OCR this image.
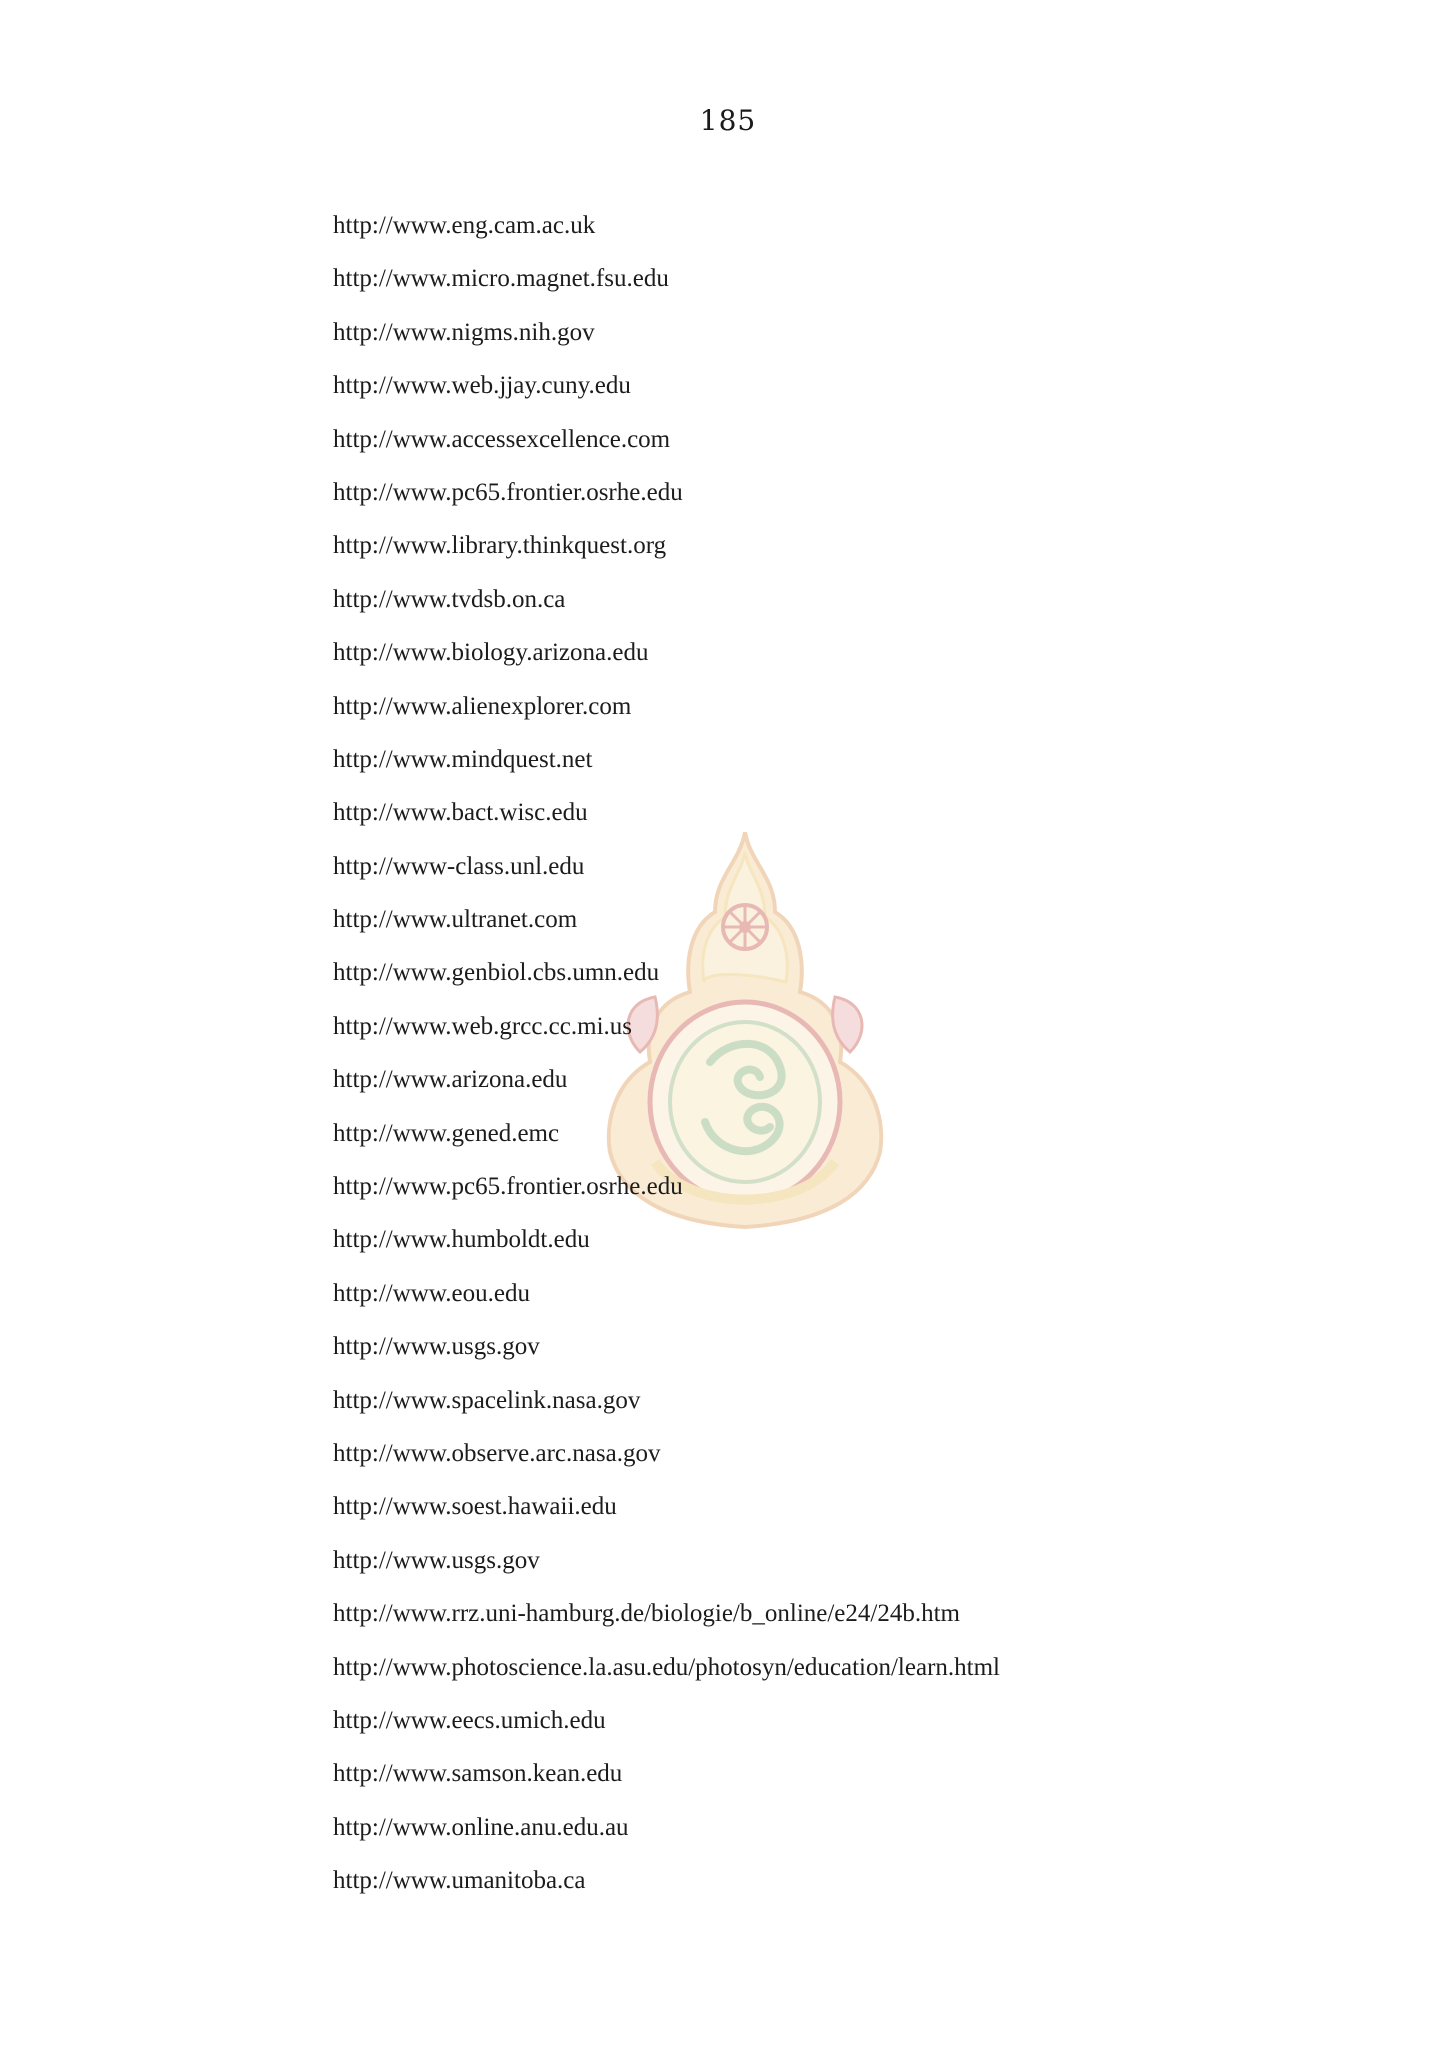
185
http://www.eng.cam.ac.uk
http://www.micro.magnet.fsu.edu
http://www.nigms.nih.gov
http://www.web.jjay.cuny.edu
http://www.accessexcellence.com
http://www.pc65.frontier.osrhe.edu
http://www.library.thinkquest.org
http://www.tvdsb.on.ca
http://www.biology.arizona.edu
http://www.alienexplorer.com
http://www.mindquest.net
http://www.bact.wisc.edu
http://www-class.unl.edu
http://www.ultranet.com
http://www.genbiol.cbs.umn.edu
http://www.web.grcc.cc.mi.us
http://www.arizona.edu
http://www.gened.emc
http://www.pc65.frontier.osrhe.edu
http://www.humboldt.edu
http://www.eou.edu
http://www.usgs.gov
http://www.spacelink.nasa.gov
http://www.observe.arc.nasa.gov
http://www.soest.hawaii.edu
http://www.usgs.gov
http://www.rrz.uni-hamburg.de/biologie/b_online/e24/24b.htm
http://www.photoscience.la.asu.edu/photosyn/education/learn.html
http://www.eecs.umich.edu
http://www.samson.kean.edu
http://www.online.anu.edu.au
http://www.umanitoba.ca
